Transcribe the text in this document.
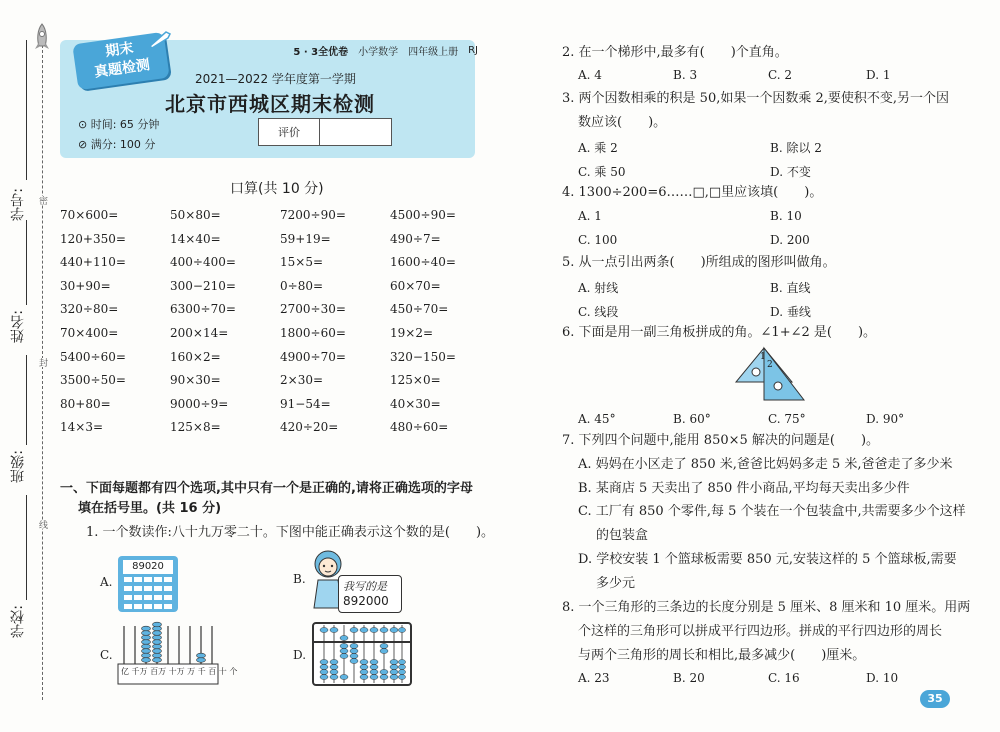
密
封
线
学号:
姓名:
班级:
学校:
5 · 3全优卷 小学数学 四年级上册 RJ
期末
真题检测	2021—2022 学年度第一学期
北京市西城区期末检测
⊙ 时间: 65 分钟
⊘ 满分: 100 分
评价
口算(共 10 分)
70×600=	50×80=	7200÷90=	4500÷90=
120+350=	14×40=	59+19=	490÷7=
440+110=	400÷400=	15×5=	1600÷40=
30+90=	300−210=	0÷80=	60×70=
320÷80=	6300÷70=	2700÷30=	450÷70=
70×400=	200×14=	1800÷60=	19×2=
5400÷60=	160×2=	4900÷70=	320−150=
3500÷50=	90×30=	2×30=	125×0=
80+80=	9000÷9=	91−54=	40×30=
14×3=	125×8=	420÷20=	480÷60=
一、下面每题都有四个选项,其中只有一个是正确的,请将正确选项的字母
填在括号里。(共 16 分)
1. 一个数读作:八十九万零二十。下图中能正确表示这个数的是(　　)。
A.
89020
B.
我写的是
892000
C.
亿 千万 百万 十万 万 千 百 十 个
D.
2. 在一个梯形中,最多有(　　)个直角。
A. 4	B. 3	C. 2	D. 1
3. 两个因数相乘的积是 50,如果一个因数乘 2,要使积不变,另一个因
数应该(　　)。
A. 乘 2	B. 除以 2
C. 乘 50	D. 不变
4. 1300÷200=6……□,□里应该填(　　)。
A. 1	B. 10
C. 100	D. 200
5. 从一点引出两条(　　)所组成的图形叫做角。
A. 射线	B. 直线
C. 线段	D. 垂线
6. 下面是用一副三角板拼成的角。∠1+∠2 是(　　)。
1
2
A. 45°	B. 60°	C. 75°	D. 90°
7. 下列四个问题中,能用 850×5 解决的问题是(　　)。
A. 妈妈在小区走了 850 米,爸爸比妈妈多走 5 米,爸爸走了多少米
B. 某商店 5 天卖出了 850 件小商品,平均每天卖出多少件
C. 工厂有 850 个零件,每 5 个装在一个包装盒中,共需要多少个这样
的包装盒
D. 学校安装 1 个篮球板需要 850 元,安装这样的 5 个篮球板,需要
多少元
8. 一个三角形的三条边的长度分别是 5 厘米、8 厘米和 10 厘米。用两
个这样的三角形可以拼成平行四边形。拼成的平行四边形的周长
与两个三角形的周长和相比,最多减少(　　)厘米。
A. 23	B. 20	C. 16	D. 10
35
